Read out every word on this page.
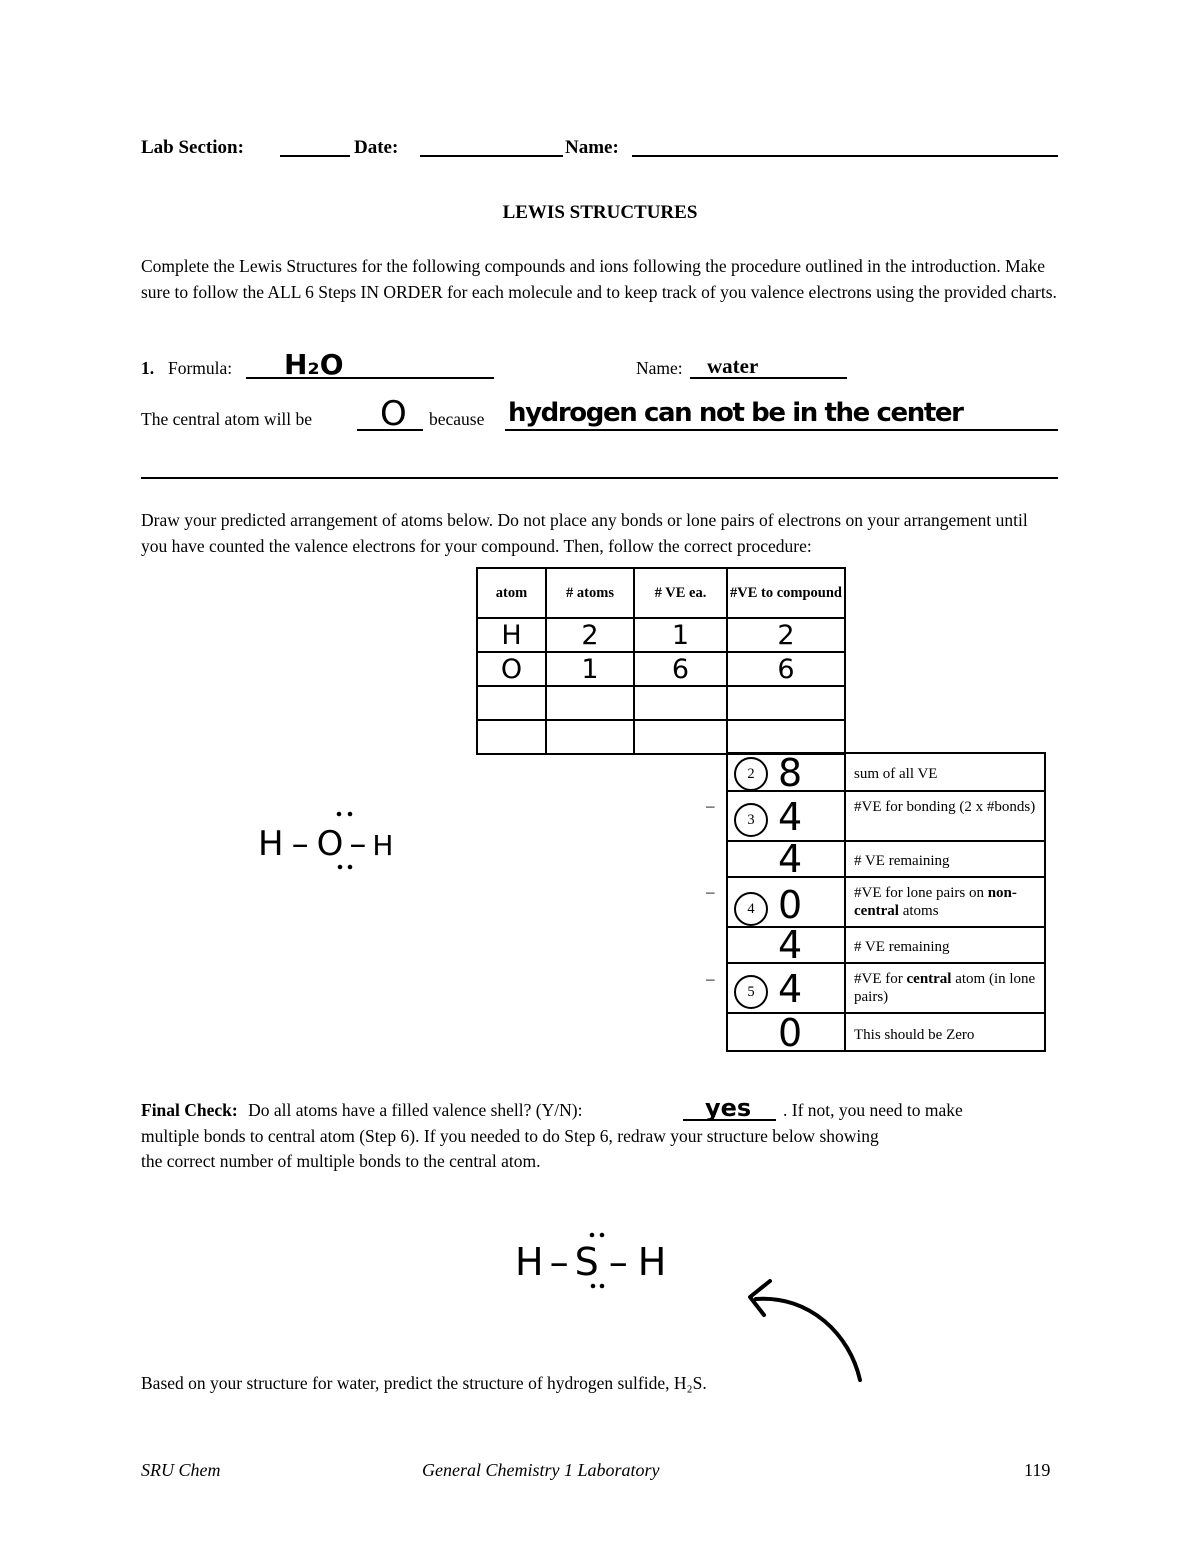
Lab Section:	Date:	Name:
LEWIS STRUCTURES
Complete the Lewis Structures for the following compounds and ions following the procedure outlined in the introduction. Make sure to follow the ALL 6 Steps IN ORDER for each molecule and to keep track of you valence electrons using the provided charts.
1. Formula: H₂O	Name: water
The central atom will be O because hydrogen can not be in the center
Draw your predicted arrangement of atoms below. Do not place any bonds or lone pairs of electrons on your arrangement until you have counted the valence electrons for your compound. Then, follow the correct procedure:
atom	# atoms	# VE ea.	#VE to compound
H	2	1	2
O	1	6	6

2 8	sum of all VE
3 4	#VE for bonding (2 x #bonds)
4	# VE remaining
4 0	#VE for lone pairs on non-central atoms
4	# VE remaining
5 4	#VE for central atom (in lone pairs)
0	This should be Zero
–
–
–
H – O – H
Final Check: Do all atoms have a filled valence shell? (Y/N):	yes . If not, you need to make
multiple bonds to central atom (Step 6). If you needed to do Step 6, redraw your structure below showing
the correct number of multiple bonds to the central atom.
H – S – H
Based on your structure for water, predict the structure of hydrogen sulfide, H₂S.
SRU Chem	General Chemistry 1 Laboratory	119
